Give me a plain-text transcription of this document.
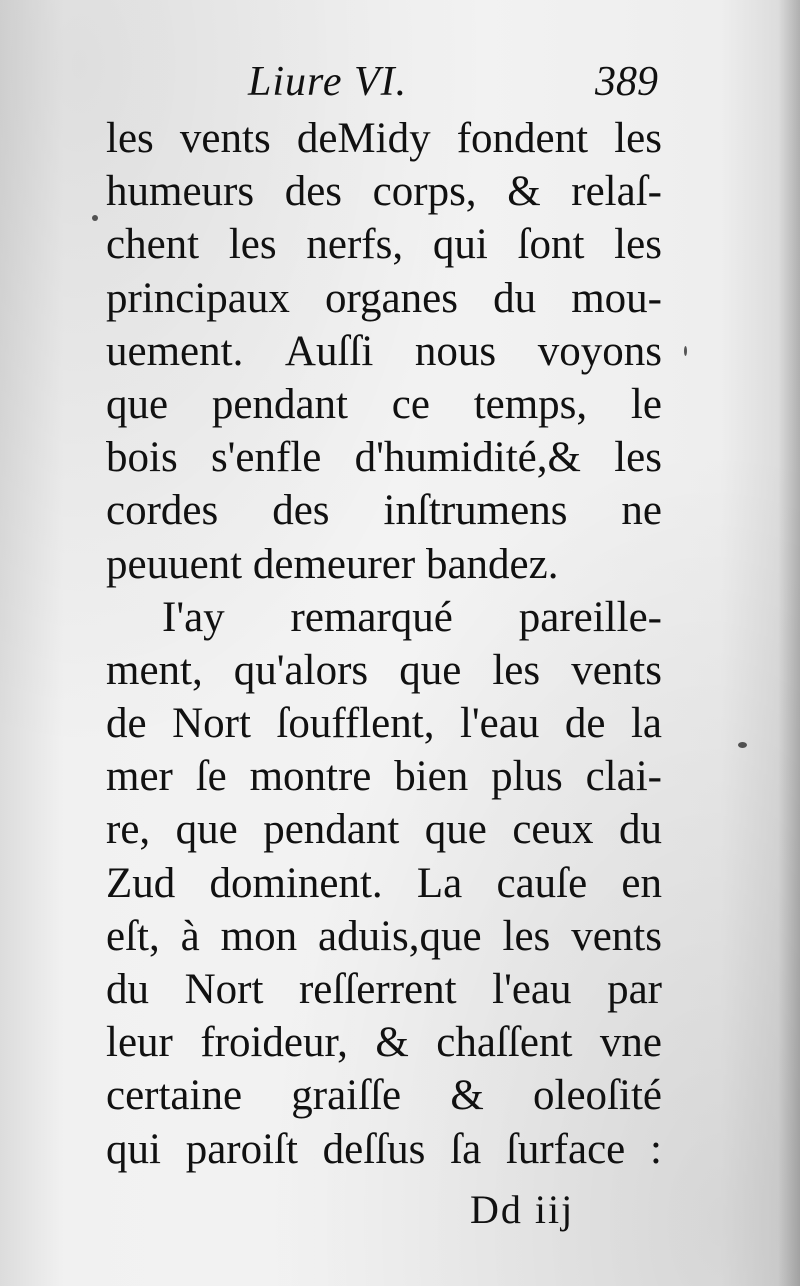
Liure VI.	389
les vents deMidy fondent les
humeurs des corps, & relaſ-
chent les nerfs, qui ſont les
principaux organes du mou-
uement. Auſſi nous voyons
que pendant ce temps, le
bois s'enfle d'humidité,& les
cordes des inſtrumens ne
peuuent demeurer bandez.
I'ay remarqué pareille-
ment, qu'alors que les vents
de Nort ſoufflent, l'eau de la
mer ſe montre bien plus clai-
re, que pendant que ceux du
Zud dominent. La cauſe en
eſt, à mon aduis,que les vents
du Nort reſſerrent l'eau par
leur froideur, & chaſſent vne
certaine graiſſe & oleoſité
qui paroiſt deſſus ſa ſurface :
Dd iij
